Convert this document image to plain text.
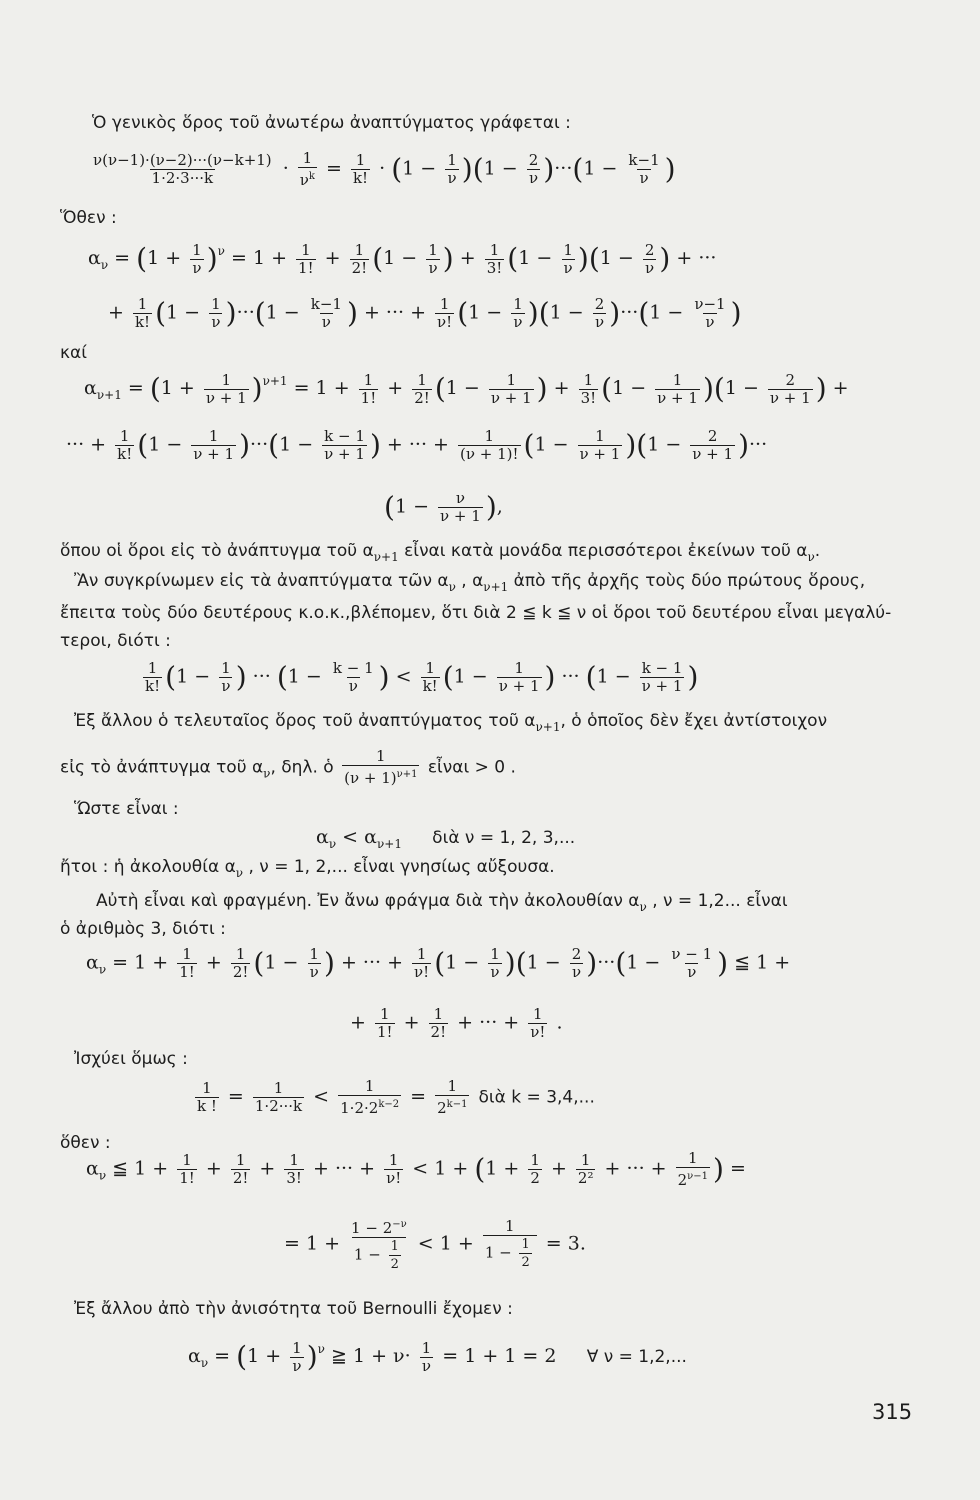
Ὁ γενικὸς ὅρος τοῦ ἀνωτέρω ἀναπτύγματος γράφεται :
$\frac{\nu(\nu-1)\cdot(\nu-2)\cdot\cdot\cdot(\nu-k+1)}{1\cdot 2\cdot 3\cdot\cdot\cdot k} \cdot \frac{1}{\nu^k} = \frac{1}{k!} \cdot (1 - \frac{1}{\nu} )(1 - \frac{2}{\nu} )\cdot\cdot\cdot(1 - \frac{k-1}{\nu}$ )
Ὅθεν :
$\alpha_\nu = (1 + \frac{1}{\nu} )^\nu = 1 + \frac{1}{1!} + \frac{1}{2!} (1 - \frac{1}{\nu}$ ) + $\frac{1}{3!} (1 - \frac{1}{\nu} )(1 - \frac{2}{\nu}$ ) + ···
+ $\frac{1}{k!} (1 - \frac{1}{\nu} )\cdot\cdot\cdot(1 - \frac{k-1}{\nu}$ ) + ··· + $\frac{1}{\nu!} (1 - \frac{1}{\nu} )(1 - \frac{2}{\nu} )\cdot\cdot\cdot(1 - \frac{\nu-1}{\nu}$ )
καί
$\alpha_{\nu+1} = (1 + \frac{1}{\nu + 1} )^{\nu+1} = 1 + \frac{1}{1!} + \frac{1}{2!} (1 - \frac{1}{\nu + 1}$ ) + $\frac{1}{3!} (1 - \frac{1}{\nu + 1} )(1 - \frac{2}{\nu + 1}$ ) +
··· + $\frac{1}{k!} (1 - \frac{1}{\nu + 1} )\cdot\cdot\cdot(1 - \frac{k - 1}{\nu + 1}$ ) + ··· + $\frac{1}{(\nu + 1)!} (1 - \frac{1}{\nu + 1} )(1 - \frac{2}{\nu + 1}$ )···
($1 - \frac{\nu}{\nu + 1}$ ),
ὅπου οἱ ὅροι εἰς τὸ ἀνάπτυγμα τοῦ $\alpha_{\nu+1}$ εἶναι κατὰ μονάδα περισσότεροι ἐκείνων τοῦ $\alpha_\nu$.
Ἂν συγκρίνωμεν εἰς τὰ ἀναπτύγματα τῶν $\alpha_\nu$ , $\alpha_{\nu+1}$ ἀπὸ τῆς ἀρχῆς τοὺς δύο πρώτους ὅρους,
ἔπειτα τοὺς δύο δευτέρους κ.ο.κ.,βλέπομεν, ὅτι διὰ 2 ≦ k ≦ ν οἱ ὅροι τοῦ δευτέρου εἶναι μεγαλύ-
τεροι, διότι :
$\frac{1}{k!} (1 - \frac{1}{\nu}$ ) ··· ($1 - \frac{k - 1}{\nu}$ ) < $\frac{1}{k!} (1 - \frac{1}{\nu + 1}$ ) ··· ($1 - \frac{k - 1}{\nu + 1}$ )
Ἐξ ἄλλου ὁ τελευταῖος ὅρος τοῦ ἀναπτύγματος τοῦ $\alpha_{\nu+1}$, ὁ ὁποῖος δὲν ἔχει ἀντίστοιχον
εἰς τὸ ἀνάπτυγμα τοῦ $\alpha_\nu$, δηλ. ὁ $\frac{1}{(\nu + 1)^{\nu+1}}$ εἶναι > 0 .
Ὥστε εἶναι :
$\alpha_\nu < \alpha_{\nu+1}$ διὰ ν = 1, 2, 3,...
ἤτοι : ἡ ἀκολουθία $\alpha_\nu$ , ν = 1, 2,... εἶναι γνησίως αὔξουσα.
Αὐτὴ εἶναι καὶ φραγμένη. Ἐν ἄνω φράγμα διὰ τὴν ἀκολουθίαν $\alpha_\nu$ , ν = 1,2... εἶναι
ὁ ἀριθμὸς 3, διότι :
$\alpha_\nu = 1 + \frac{1}{1!} + \frac{1}{2!} (1 - \frac{1}{\nu}$ ) + ··· + $\frac{1}{\nu!} (1 - \frac{1}{\nu} )(1 - \frac{2}{\nu} )\cdot\cdot\cdot(1 - \frac{\nu - 1}{\nu}$ ) ≦ 1 +
+ $\frac{1}{1!} + \frac{1}{2!}$ + ··· + $\frac{1}{\nu!}$ .
Ἰσχύει ὅμως :
$\frac{1}{k !} = \frac{1}{1\cdot 2\cdot\cdot\cdot k} < \frac{1}{1\cdot 2\cdot 2^{k-2}} = \frac{1}{2^{k-1}}$ διὰ k = 3,4,...
ὅθεν :
$\alpha_\nu$ ≦ $1 + \frac{1}{1!} + \frac{1}{2!} + \frac{1}{3!}$ + ··· + $\frac{1}{\nu!} < 1 + (1 + \frac{1}{2} + \frac{1}{\text{2²}}$ + ··· + $\frac{1}{2^{\nu-1}}$ ) =
= $1 + \frac{1 - 2^{-\nu}}{1 - \frac{1}{2}} < 1 + \frac{1}{1 - \frac{1}{2}} = 3$.
Ἐξ ἄλλου ἀπὸ τὴν ἀνισότητα τοῦ Bernoulli ἔχομεν :
$\alpha_\nu = (1 + \frac{1}{\nu} )^\nu$ ≧ $1 + \nu\cdot \frac{1}{\nu} = 1 + 1 = 2$     ∀ ν = 1,2,...
315
